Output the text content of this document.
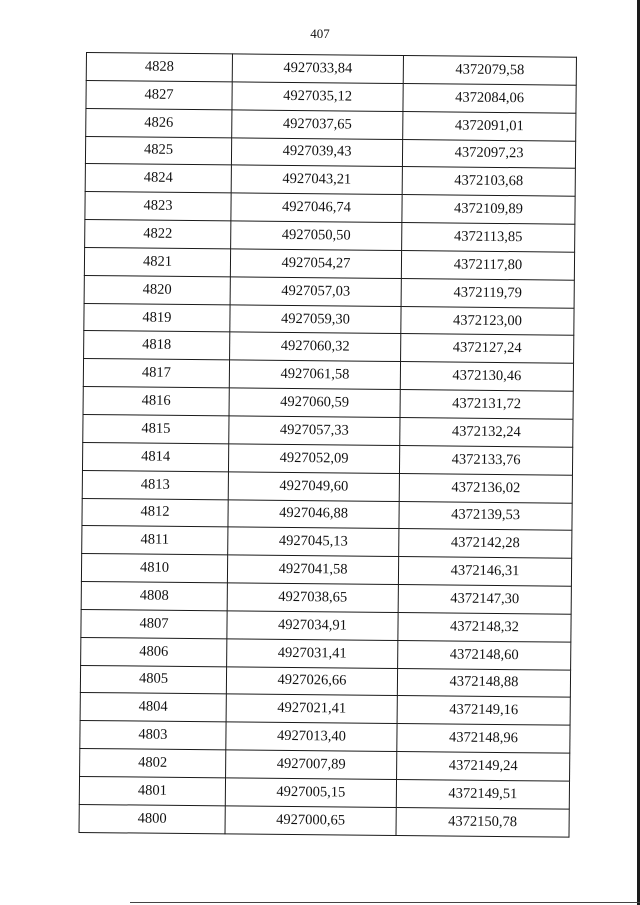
407
4828	4927033,84	4372079,58
4827	4927035,12	4372084,06
4826	4927037,65	4372091,01
4825	4927039,43	4372097,23
4824	4927043,21	4372103,68
4823	4927046,74	4372109,89
4822	4927050,50	4372113,85
4821	4927054,27	4372117,80
4820	4927057,03	4372119,79
4819	4927059,30	4372123,00
4818	4927060,32	4372127,24
4817	4927061,58	4372130,46
4816	4927060,59	4372131,72
4815	4927057,33	4372132,24
4814	4927052,09	4372133,76
4813	4927049,60	4372136,02
4812	4927046,88	4372139,53
4811	4927045,13	4372142,28
4810	4927041,58	4372146,31
4808	4927038,65	4372147,30
4807	4927034,91	4372148,32
4806	4927031,41	4372148,60
4805	4927026,66	4372148,88
4804	4927021,41	4372149,16
4803	4927013,40	4372148,96
4802	4927007,89	4372149,24
4801	4927005,15	4372149,51
4800	4927000,65	4372150,78
